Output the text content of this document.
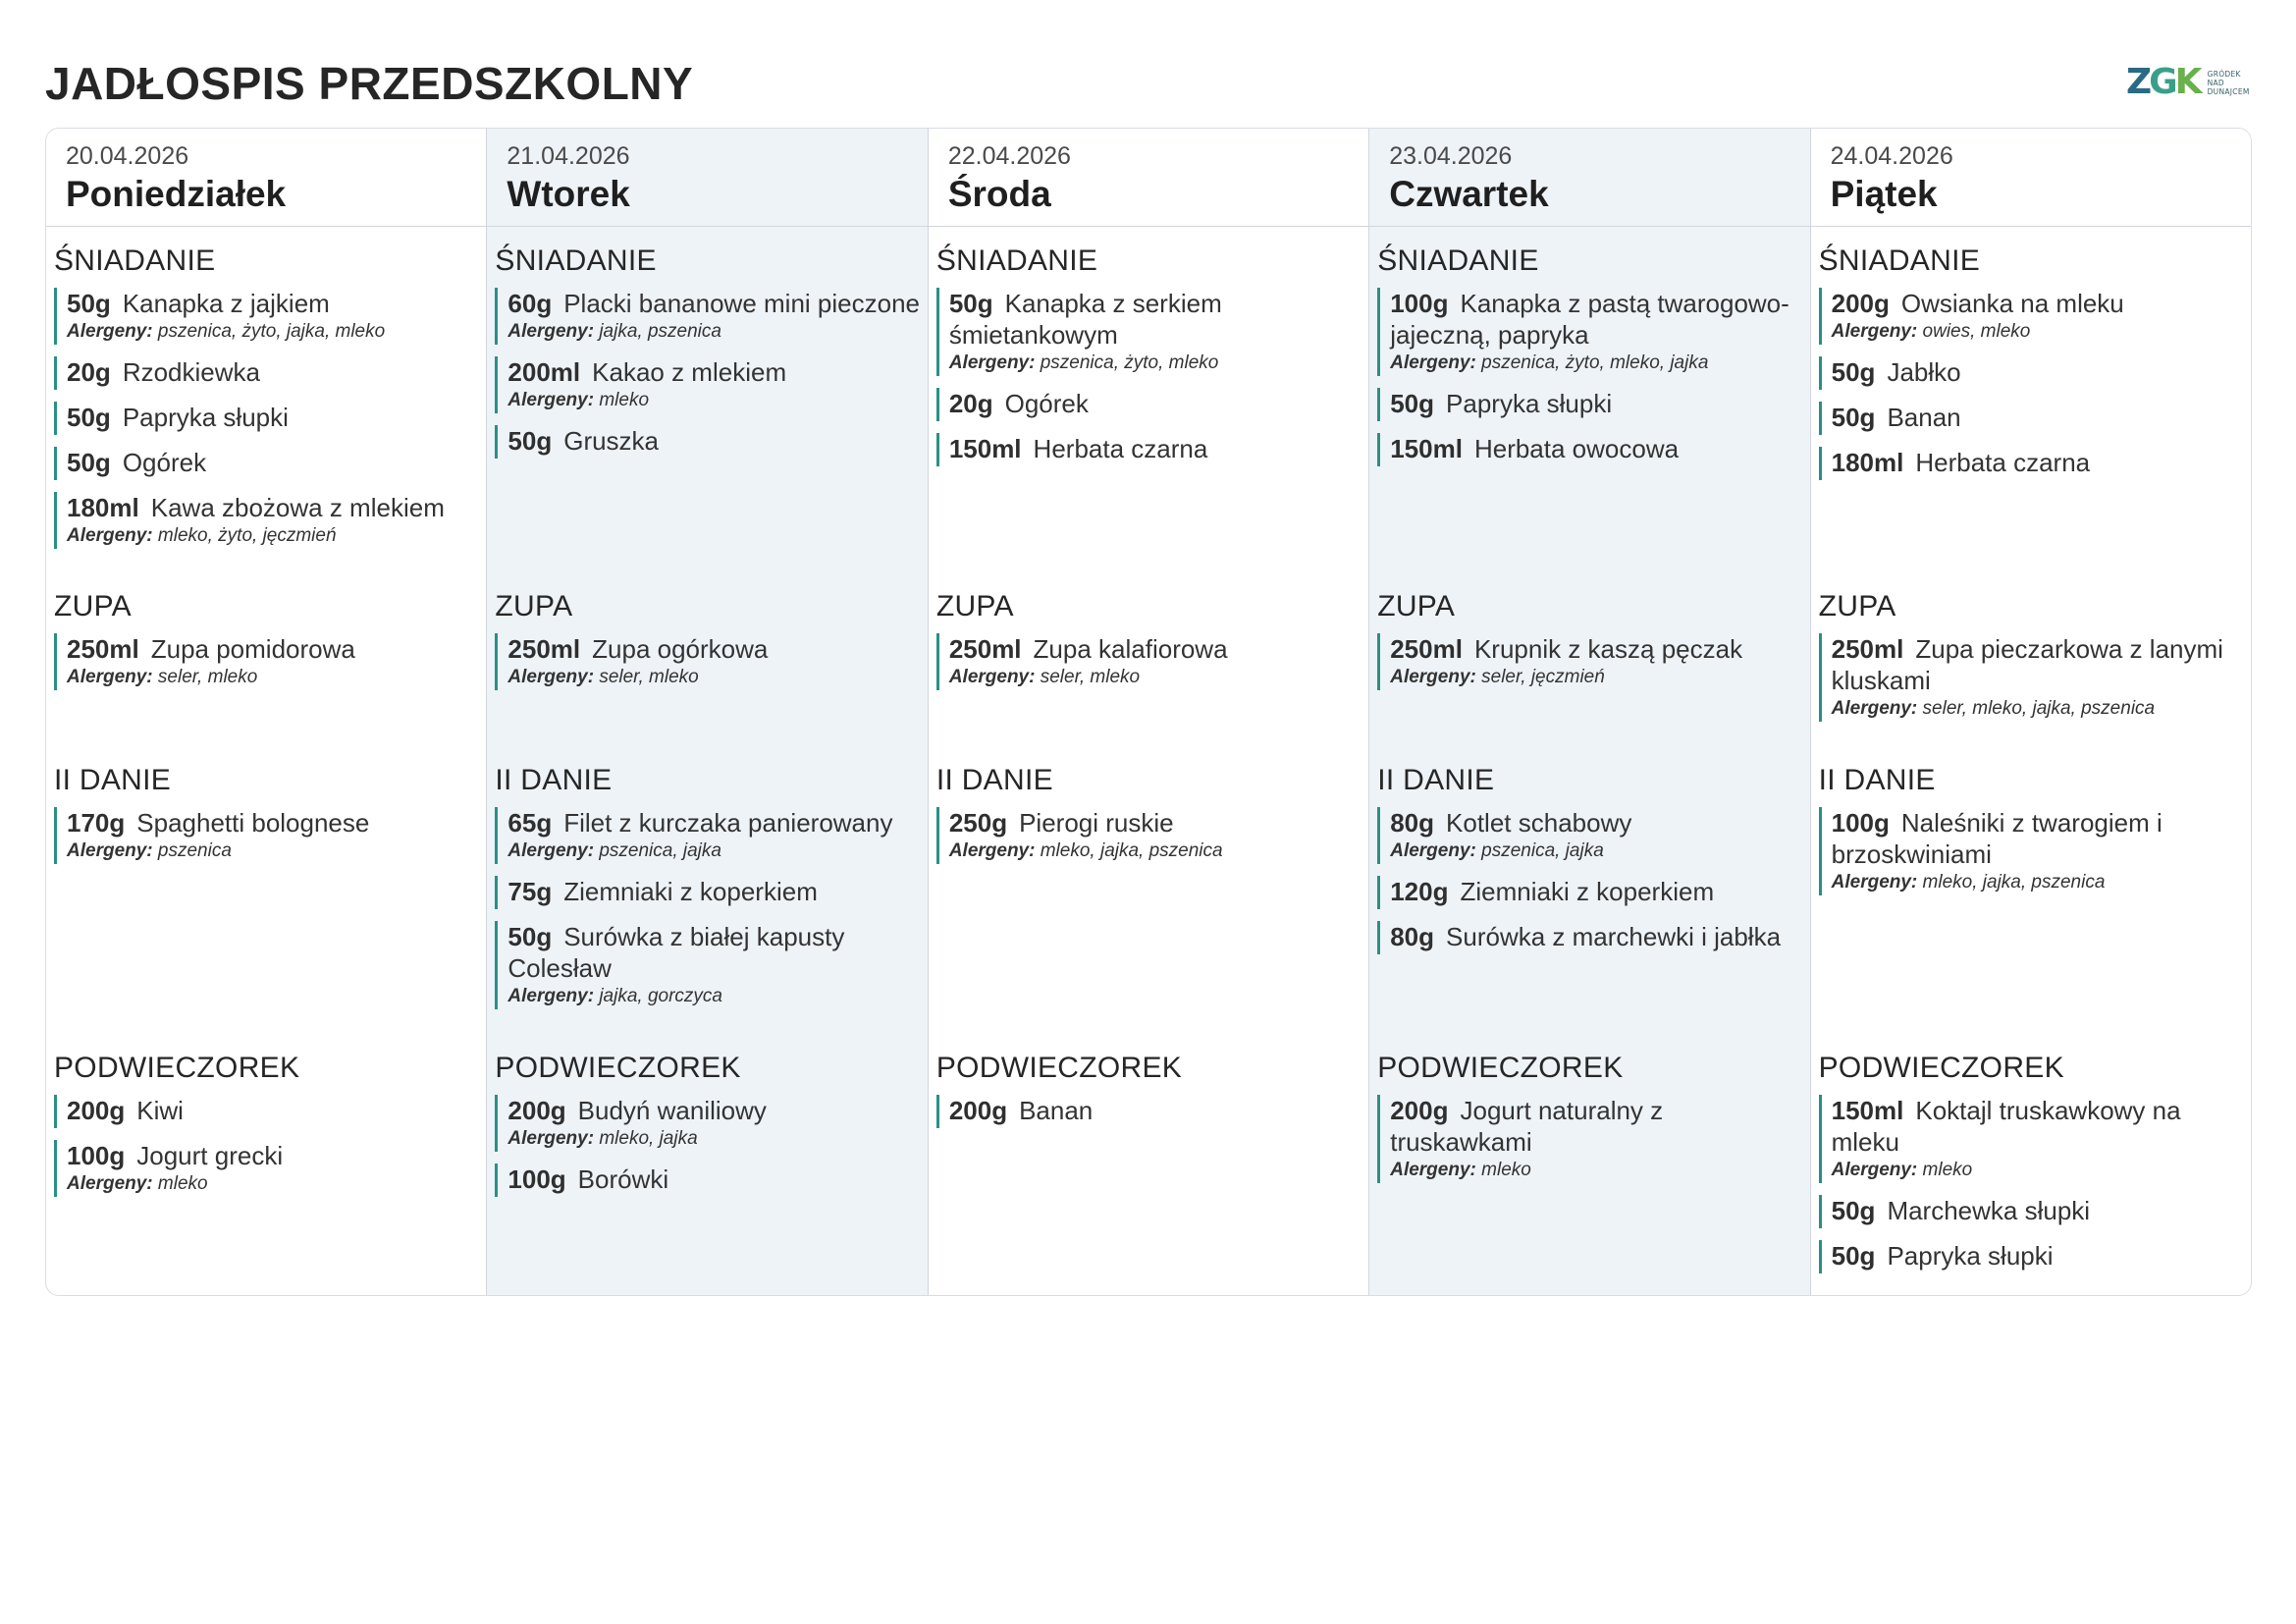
JADŁOSPIS PRZEDSZKOLNY	ZGK GRÓDEK
NAD
DUNAJCEM
20.04.2026
Poniedziałek
ŚNIADANIE
50g Kanapka z jajkiem
Alergeny: pszenica, żyto, jajka, mleko
20g Rzodkiewka
50g Papryka słupki
50g Ogórek
180ml Kawa zbożowa z mlekiem
Alergeny: mleko, żyto, jęczmień
ZUPA
250ml Zupa pomidorowa
Alergeny: seler, mleko
II DANIE
170g Spaghetti bolognese
Alergeny: pszenica
PODWIECZOREK
200g Kiwi
100g Jogurt grecki
Alergeny: mleko
21.04.2026
Wtorek
ŚNIADANIE
60g Placki bananowe mini pieczone
Alergeny: jajka, pszenica
200ml Kakao z mlekiem
Alergeny: mleko
50g Gruszka
ZUPA
250ml Zupa ogórkowa
Alergeny: seler, mleko
II DANIE
65g Filet z kurczaka panierowany
Alergeny: pszenica, jajka
75g Ziemniaki z koperkiem
50g Surówka z białej kapusty Colesław
Alergeny: jajka, gorczyca
PODWIECZOREK
200g Budyń waniliowy
Alergeny: mleko, jajka
100g Borówki
22.04.2026
Środa
ŚNIADANIE
50g Kanapka z serkiem śmietankowym
Alergeny: pszenica, żyto, mleko
20g Ogórek
150ml Herbata czarna
ZUPA
250ml Zupa kalafiorowa
Alergeny: seler, mleko
II DANIE
250g Pierogi ruskie
Alergeny: mleko, jajka, pszenica
PODWIECZOREK
200g Banan
23.04.2026
Czwartek
ŚNIADANIE
100g Kanapka z pastą twarogowo- jajeczną, papryka
Alergeny: pszenica, żyto, mleko, jajka
50g Papryka słupki
150ml Herbata owocowa
ZUPA
250ml Krupnik z kaszą pęczak
Alergeny: seler, jęczmień
II DANIE
80g Kotlet schabowy
Alergeny: pszenica, jajka
120g Ziemniaki z koperkiem
80g Surówka z marchewki i jabłka
PODWIECZOREK
200g Jogurt naturalny z truskawkami
Alergeny: mleko
24.04.2026
Piątek
ŚNIADANIE
200g Owsianka na mleku
Alergeny: owies, mleko
50g Jabłko
50g Banan
180ml Herbata czarna
ZUPA
250ml Zupa pieczarkowa z lanymi kluskami
Alergeny: seler, mleko, jajka, pszenica
II DANIE
100g Naleśniki z twarogiem i brzoskwiniami
Alergeny: mleko, jajka, pszenica
PODWIECZOREK
150ml Koktajl truskawkowy na mleku
Alergeny: mleko
50g Marchewka słupki
50g Papryka słupki
